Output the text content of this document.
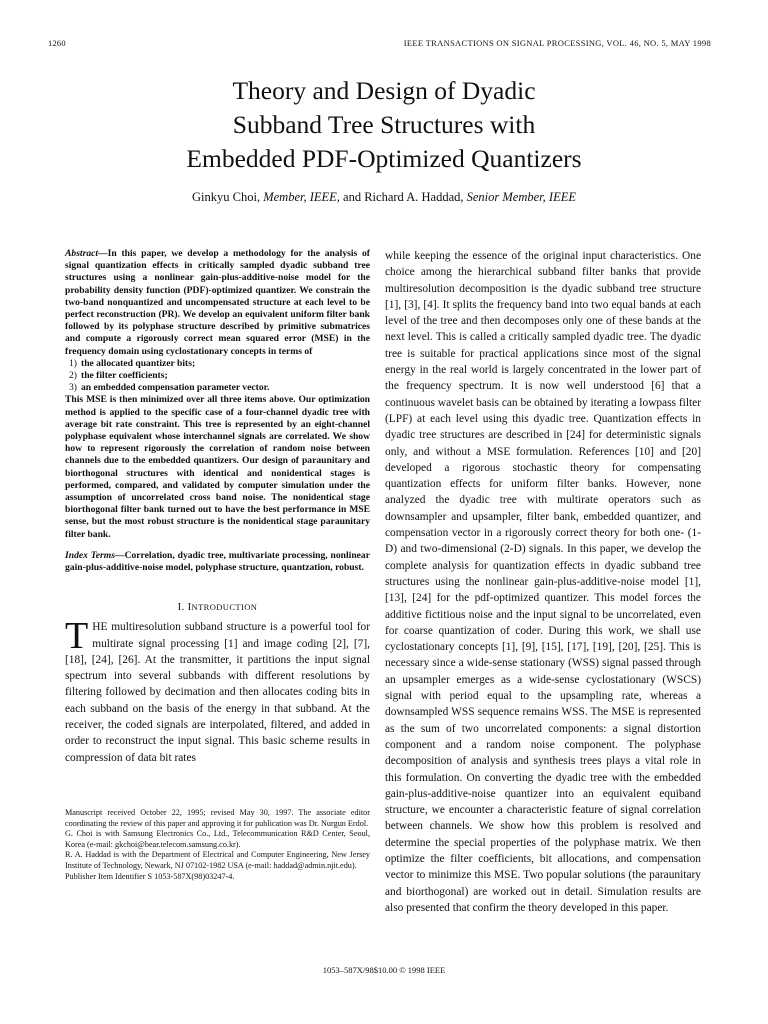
1260	IEEE TRANSACTIONS ON SIGNAL PROCESSING, VOL. 46, NO. 5, MAY 1998
Theory and Design of Dyadic
Subband Tree Structures with
Embedded PDF-Optimized Quantizers
Ginkyu Choi, Member, IEEE, and Richard A. Haddad, Senior Member, IEEE
Abstract—In this paper, we develop a methodology for the analysis of signal quantization effects in critically sampled dyadic subband tree structures using a nonlinear gain-plus-additive-noise model for the probability density function (PDF)-optimized quantizer. We constrain the two-band nonquantized and uncompensated structure at each level to be perfect reconstruction (PR). We develop an equivalent uniform filter bank followed by its polyphase structure described by primitive submatrices and compute a rigorously correct mean squared error (MSE) in the frequency domain using cyclostationary concepts in terms of
1) the allocated quantizer bits;
2) the filter coefficients;
3) an embedded compensation parameter vector.
This MSE is then minimized over all three items above. Our optimization method is applied to the specific case of a four-channel dyadic tree with average bit rate constraint. This tree is represented by an eight-channel polyphase equivalent whose interchannel signals are correlated. We show how to represent rigorously the correlation of random noise between channels due to the embedded quantizers. Our design of paraunitary and biorthogonal structures with identical and nonidentical stages is performed, compared, and validated by computer simulation under the assumption of uncorrelated cross band noise. The nonidentical stage biorthogonal filter bank turned out to have the best performance in MSE sense, but the most robust structure is the nonidentical stage paraunitary filter bank.
Index Terms—Correlation, dyadic tree, multivariate processing, nonlinear gain-plus-additive-noise model, polyphase structure, quantzation, robust.
I. INTRODUCTION
THE multiresolution subband structure is a powerful tool for multirate signal processing [1] and image coding [2], [7], [18], [24], [26]. At the transmitter, it partitions the input signal spectrum into several subbands with different resolutions by filtering followed by decimation and then allocates coding bits in each subband on the basis of the energy in that subband. At the receiver, the coded signals are interpolated, filtered, and added in order to reconstruct the input signal. This basic scheme results in compression of data bit rates

Manuscript received October 22, 1995; revised May 30, 1997. The associate editor coordinating the review of this paper and approving it for publication was Dr. Nurgun Erdol.

G. Choi is with Samsung Electronics Co., Ltd., Telecommunication R&D Center, Seoul, Korea (e-mail: gkchoi@bear.telecom.samsung.co.kr).

R. A. Haddad is with the Department of Electrical and Computer Engineering, New Jersey Institute of Technology, Newark, NJ 07102-1982 USA (e-mail: haddad@admin.njit.edu).

Publisher Item Identifier S 1053-587X(98)03247-4.

while keeping the essence of the original input characteristics. One choice among the hierarchical subband filter banks that provide multiresolution decomposition is the dyadic subband tree structure [1], [3], [4]. It splits the frequency band into two equal bands at each level of the tree and then decomposes only one of these bands at the next level. This is called a critically sampled dyadic tree. The dyadic tree is suitable for practical applications since most of the signal energy in the real world is largely concentrated in the lower part of the frequency spectrum. It is now well understood [6] that a continuous wavelet basis can be obtained by iterating a lowpass filter (LPF) at each level using this dyadic tree. Quantization effects in dyadic tree structures are described in [24] for deterministic signals only, and without a MSE formulation. References [10] and [20] developed a rigorous stochastic theory for compensating quantization effects for uniform filter banks. However, none analyzed the dyadic tree with multirate operators such as downsampler and upsampler, filter bank, embedded quantizer, and compensation vector in a rigorously correct theory for both one- (1-D) and two-dimensional (2-D) signals. In this paper, we develop the complete analysis for quantization effects in dyadic subband tree structures using the nonlinear gain-plus-additive-noise model [1], [13], [24] for the pdf-optimized quantizer. This model forces the additive fictitious noise and the input signal to be uncorrelated, even for coarse quantization of coder. During this work, we shall use cyclostationary concepts [1], [9], [15], [17], [19], [20], [25]. This is necessary since a wide-sense stationary (WSS) signal passed through an upsampler emerges as a wide-sense cyclostationary (WSCS) signal with period equal to the upsampling rate, whereas a downsampled WSS sequence remains WSS. The MSE is represented as the sum of two uncorrelated components: a signal distortion component and a random noise component. The polyphase decomposition of analysis and synthesis trees plays a vital role in this formulation. On converting the dyadic tree with the embedded gain-plus-additive-noise quantizer into an equivalent equiband structure, we encounter a characteristic feature of signal correlation between channels. We show how this problem is resolved and determine the special properties of the polyphase matrix. We then optimize the filter coefficients, bit allocations, and compensation vector to minimize this MSE. Two popular solutions (the paraunitary and biorthogonal) are worked out in detail. Simulation results are also presented that confirm the theory developed in this paper.
1053–587X/98$10.00 © 1998 IEEE
